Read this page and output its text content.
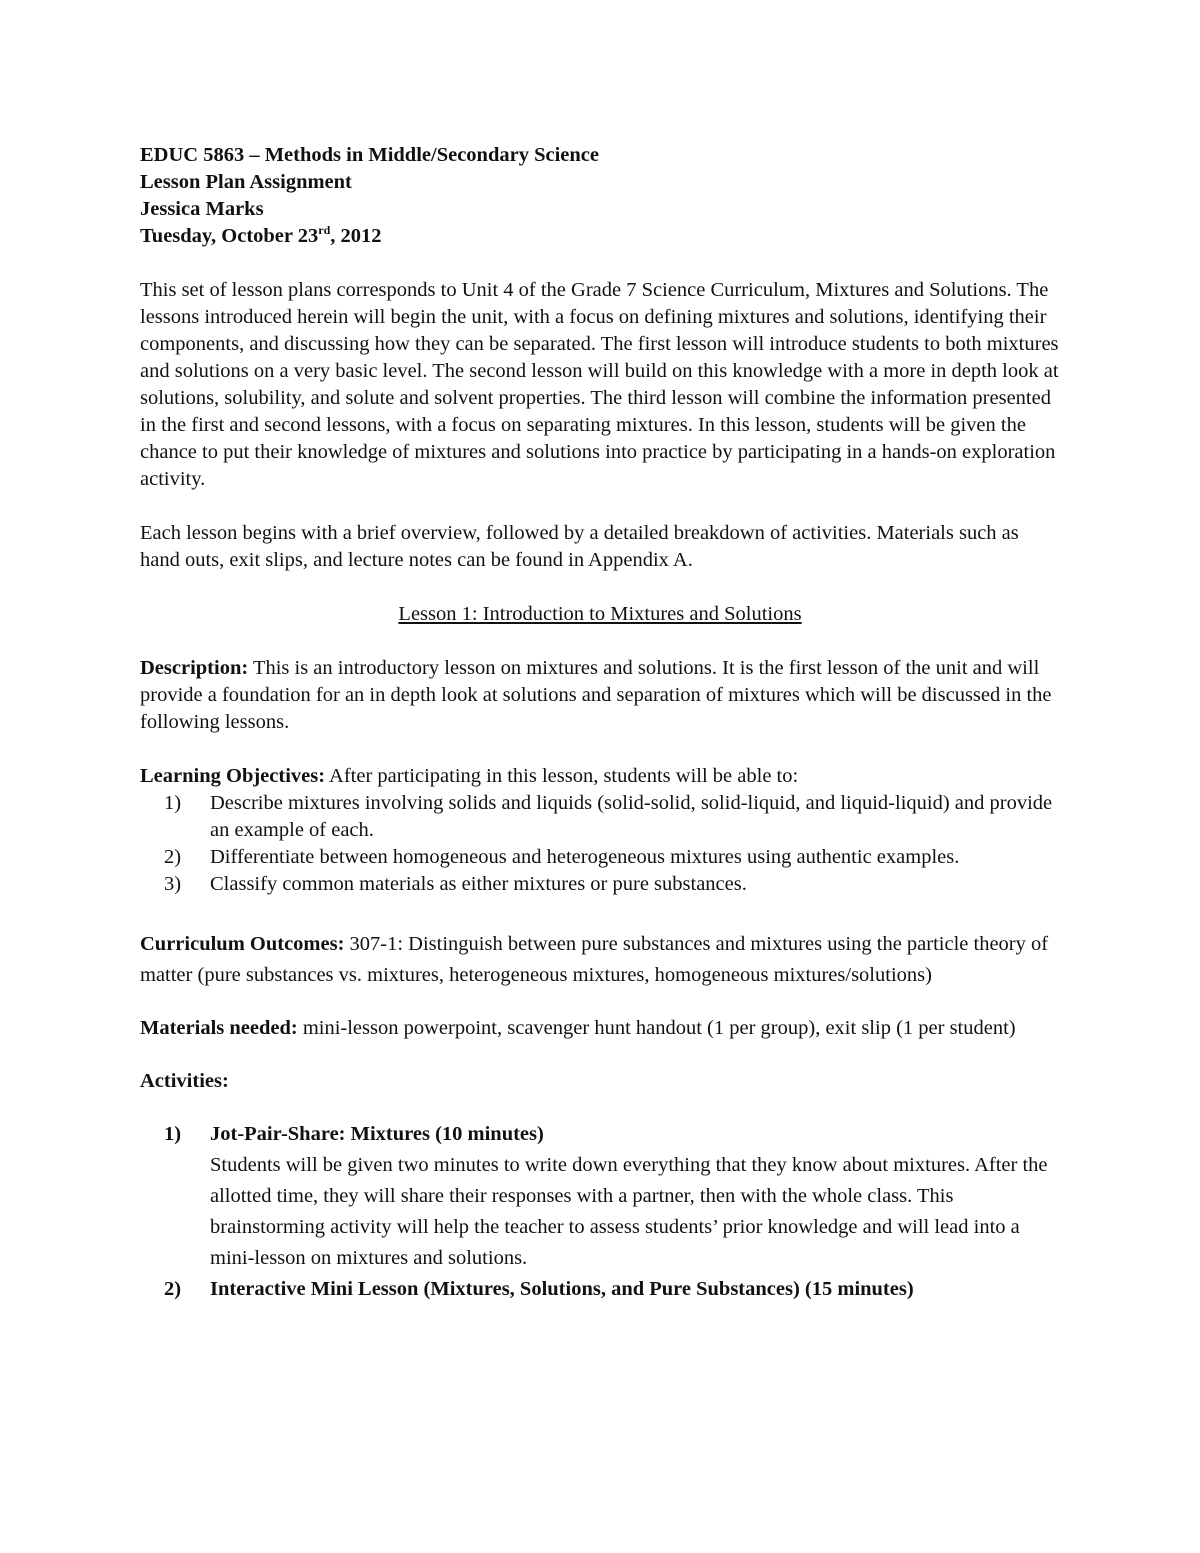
EDUC 5863 – Methods in Middle/Secondary Science

Lesson Plan Assignment

Jessica Marks

Tuesday, October 23rd, 2012

This set of lesson plans corresponds to Unit 4 of the Grade 7 Science Curriculum, Mixtures and Solutions. The lessons introduced herein will begin the unit, with a focus on defining mixtures and solutions, identifying their components, and discussing how they can be separated. The first lesson will introduce students to both mixtures and solutions on a very basic level. The second lesson will build on this knowledge with a more in depth look at solutions, solubility, and solute and solvent properties. The third lesson will combine the information presented in the first and second lessons, with a focus on separating mixtures. In this lesson, students will be given the chance to put their knowledge of mixtures and solutions into practice by participating in a hands-on exploration activity.

Each lesson begins with a brief overview, followed by a detailed breakdown of activities. Materials such as hand outs, exit slips, and lecture notes can be found in Appendix A.

Lesson 1: Introduction to Mixtures and Solutions

Description: This is an introductory lesson on mixtures and solutions. It is the first lesson of the unit and will provide a foundation for an in depth look at solutions and separation of mixtures which will be discussed in the following lessons.

Learning Objectives: After participating in this lesson, students will be able to:

1) Describe mixtures involving solids and liquids (solid-solid, solid-liquid, and liquid-liquid) and provide an example of each.
2) Differentiate between homogeneous and heterogeneous mixtures using authentic examples.
3) Classify common materials as either mixtures or pure substances.

Curriculum Outcomes: 307-1: Distinguish between pure substances and mixtures using the particle theory of matter (pure substances vs. mixtures, heterogeneous mixtures, homogeneous mixtures/solutions)

Materials needed: mini-lesson powerpoint, scavenger hunt handout (1 per group), exit slip (1 per student)

Activities:

1) Jot-Pair-Share: Mixtures (10 minutes)
Students will be given two minutes to write down everything that they know about mixtures. After the allotted time, they will share their responses with a partner, then with the whole class. This brainstorming activity will help the teacher to assess students’ prior knowledge and will lead into a mini-lesson on mixtures and solutions.
2) Interactive Mini Lesson (Mixtures, Solutions, and Pure Substances) (15 minutes)
